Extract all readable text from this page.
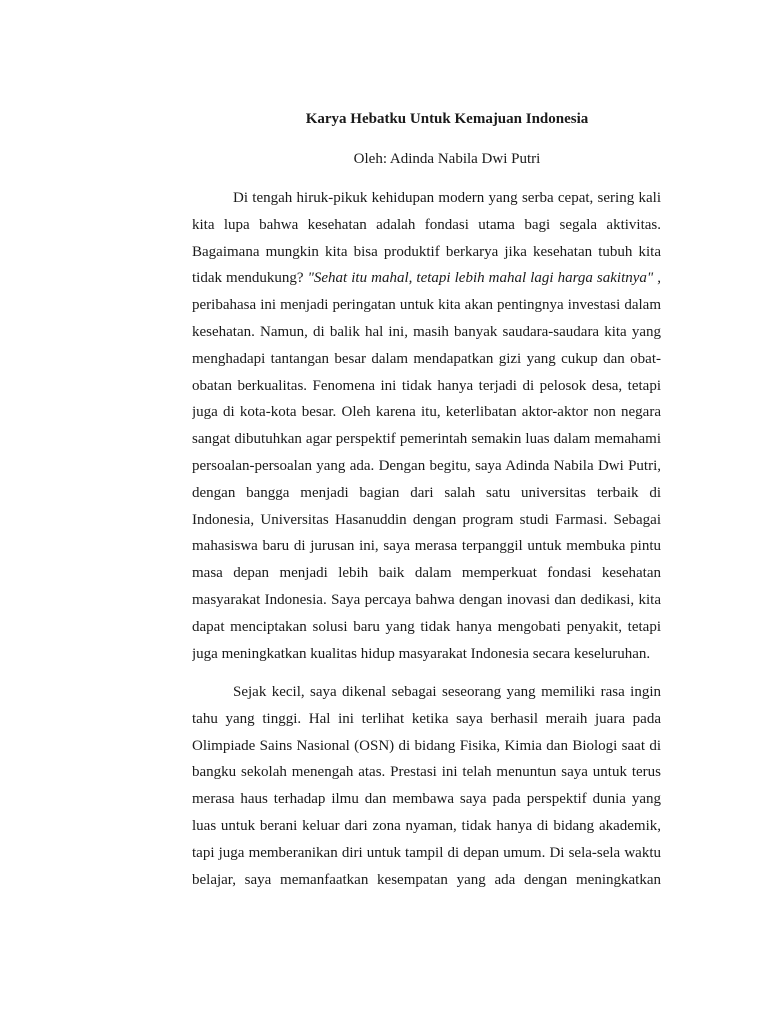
Karya Hebatku Untuk Kemajuan Indonesia
Oleh: Adinda Nabila Dwi Putri
Di tengah hiruk-pikuk kehidupan modern yang serba cepat, sering kali
kita lupa bahwa kesehatan adalah fondasi utama bagi segala aktivitas.
Bagaimana mungkin kita bisa produktif berkarya jika kesehatan tubuh kita
tidak mendukung? "Sehat itu mahal, tetapi lebih mahal lagi harga sakitnya" ,
peribahasa ini menjadi peringatan untuk kita akan pentingnya investasi dalam
kesehatan. Namun, di balik hal ini, masih banyak saudara-saudara kita yang
menghadapi tantangan besar dalam mendapatkan gizi yang cukup dan obat-
obatan berkualitas. Fenomena ini tidak hanya terjadi di pelosok desa, tetapi
juga di kota-kota besar. Oleh karena itu, keterlibatan aktor-aktor non negara
sangat dibutuhkan agar perspektif pemerintah semakin luas dalam memahami
persoalan-persoalan yang ada. Dengan begitu, saya Adinda Nabila Dwi Putri,
dengan bangga menjadi bagian dari salah satu universitas terbaik di
Indonesia, Universitas Hasanuddin dengan program studi Farmasi. Sebagai
mahasiswa baru di jurusan ini, saya merasa terpanggil untuk membuka pintu
masa depan menjadi lebih baik dalam memperkuat fondasi kesehatan
masyarakat Indonesia. Saya percaya bahwa dengan inovasi dan dedikasi, kita
dapat menciptakan solusi baru yang tidak hanya mengobati penyakit, tetapi
juga meningkatkan kualitas hidup masyarakat Indonesia secara keseluruhan.
Sejak kecil, saya dikenal sebagai seseorang yang memiliki rasa ingin
tahu yang tinggi. Hal ini terlihat ketika saya berhasil meraih juara pada
Olimpiade Sains Nasional (OSN) di bidang Fisika, Kimia dan Biologi saat di
bangku sekolah menengah atas. Prestasi ini telah menuntun saya untuk terus
merasa haus terhadap ilmu dan membawa saya pada perspektif dunia yang
luas untuk berani keluar dari zona nyaman, tidak hanya di bidang akademik,
tapi juga memberanikan diri untuk tampil di depan umum. Di sela-sela waktu
belajar, saya memanfaatkan kesempatan yang ada dengan meningkatkan
